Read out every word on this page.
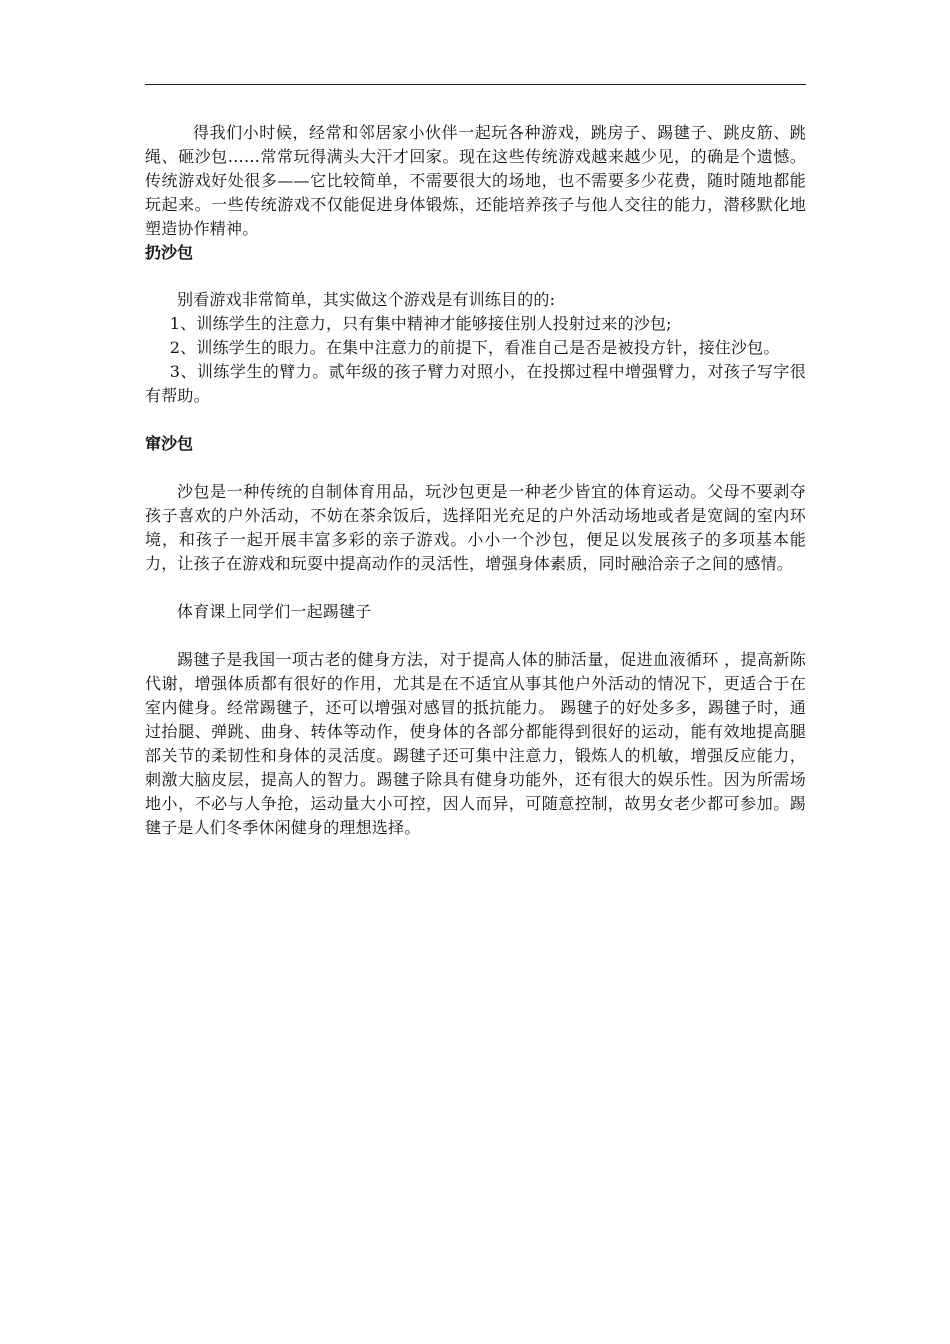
得我们小时候，经常和邻居家小伙伴一起玩各种游戏，跳房子、踢毽子、跳皮筋、跳绳、砸沙包……常常玩得满头大汗才回家。现在这些传统游戏越来越少见，的确是个遗憾。传统游戏好处很多——它比较简单，不需要很大的场地，也不需要多少花费，随时随地都能玩起来。一些传统游戏不仅能促进身体锻炼，还能培养孩子与他人交往的能力，潜移默化地塑造协作精神。

扔沙包

别看游戏非常简单，其实做这个游戏是有训练目的的:

1、训练学生的注意力，只有集中精神才能够接住别人投射过来的沙包;

2、训练学生的眼力。在集中注意力的前提下，看准自己是否是被投方针，接住沙包。

3、训练学生的臂力。贰年级的孩子臂力对照小，在投掷过程中增强臂力，对孩子写字很有帮助。

窜沙包

沙包是一种传统的自制体育用品，玩沙包更是一种老少皆宜的体育运动。父母不要剥夺孩子喜欢的户外活动，不妨在茶余饭后，选择阳光充足的户外活动场地或者是宽阔的室内环境，和孩子一起开展丰富多彩的亲子游戏。小小一个沙包，便足以发展孩子的多项基本能力，让孩子在游戏和玩耍中提高动作的灵活性，增强身体素质，同时融洽亲子之间的感情。

体育课上同学们一起踢毽子

踢毽子是我国一项古老的健身方法，对于提高人体的肺活量，促进血液循环 ，提高新陈代谢，增强体质都有很好的作用，尤其是在不适宜从事其他户外活动的情况下，更适合于在室内健身。经常踢毽子，还可以增强对感冒的抵抗能力。 踢毽子的好处多多，踢毽子时，通过抬腿、弹跳、曲身、转体等动作，使身体的各部分都能得到很好的运动，能有效地提高腿部关节的柔韧性和身体的灵活度。踢毽子还可集中注意力，锻炼人的机敏，增强反应能力，刺激大脑皮层，提高人的智力。踢毽子除具有健身功能外，还有很大的娱乐性。因为所需场地小，不必与人争抢，运动量大小可控，因人而异，可随意控制，故男女老少都可参加。踢毽子是人们冬季休闲健身的理想选择。
